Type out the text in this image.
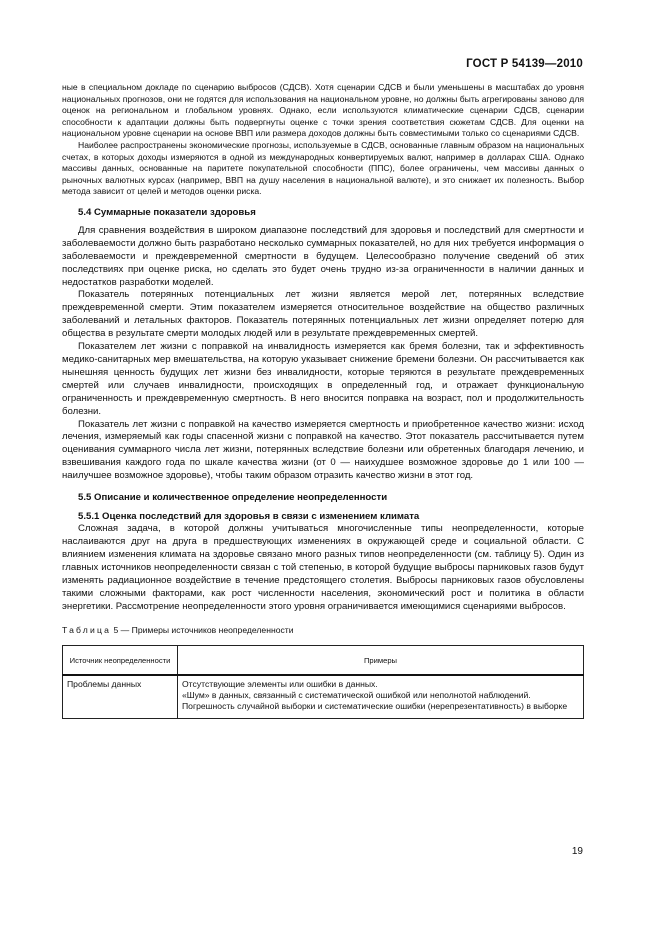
ГОСТ Р 54139—2010

ные в специальном докладе по сценарию выбросов (СДСВ). Хотя сценарии СДСВ и были уменьшены в масштабах до уровня национальных прогнозов, они не годятся для использования на национальном уровне, но должны быть агрегированы заново для оценок на региональном и глобальном уровнях. Однако, если используются климатические сценарии СДСВ, сценарии способности к адаптации должны быть подвергнуты оценке с точки зрения соответствия сюжетам СДСВ. Для оценки на национальном уровне сценарии на основе ВВП или размера доходов должны быть совместимыми только со сценариями СДСВ.

Наиболее распространены экономические прогнозы, используемые в СДСВ, основанные главным образом на национальных счетах, в которых доходы измеряются в одной из международных конвертируемых валют, например в долларах США. Однако массивы данных, основанные на паритете покупательной способности (ППС), более ограничены, чем массивы данных о рыночных валютных курсах (например, ВВП на душу населения в национальной валюте), и это снижает их полезность. Выбор метода зависит от целей и методов оценки риска.

5.4 Суммарные показатели здоровья

Для сравнения воздействия в широком диапазоне последствий для здоровья и последствий для смертности и заболеваемости должно быть разработано несколько суммарных показателей, но для них требуется информация о заболеваемости и преждевременной смертности в будущем. Целесообразно получение сведений об этих последствиях при оценке риска, но сделать это будет очень трудно из-за ограниченности в наличии данных и недостатков разработки моделей.

Показатель потерянных потенциальных лет жизни является мерой лет, потерянных вследствие преждевременной смерти. Этим показателем измеряется относительное воздействие на общество различных заболеваний и летальных факторов. Показатель потерянных потенциальных лет жизни определяет потерю для общества в результате смерти молодых людей или в результате преждевременных смертей.

Показателем лет жизни с поправкой на инвалидность измеряется как бремя болезни, так и эффективность медико-санитарных мер вмешательства, на которую указывает снижение бремени болезни. Он рассчитывается как нынешняя ценность будущих лет жизни без инвалидности, которые теряются в результате преждевременных смертей или случаев инвалидности, происходящих в определенный год, и отражает функциональную ограниченность и преждевременную смертность. В него вносится поправка на возраст, пол и продолжительность болезни.

Показатель лет жизни с поправкой на качество измеряется смертность и приобретенное качество жизни: исход лечения, измеряемый как годы спасенной жизни с поправкой на качество. Этот показатель рассчитывается путем оценивания суммарного числа лет жизни, потерянных вследствие болезни или обретенных благодаря лечению, и взвешивания каждого года по шкале качества жизни (от 0 — наихудшее возможное здоровье до 1 или 100 — наилучшее возможное здоровье), чтобы таким образом отразить качество жизни в этот год.

5.5 Описание и количественное определение неопределенности

5.5.1 Оценка последствий для здоровья в связи с изменением климата

Сложная задача, в которой должны учитываться многочисленные типы неопределенности, которые наслаиваются друг на друга в предшествующих изменениях в окружающей среде и социальной области. С влиянием изменения климата на здоровье связано много разных типов неопределенности (см. таблицу 5). Один из главных источников неопределенности связан с той степенью, в которой будущие выбросы парниковых газов будут изменять радиационное воздействие в течение предстоящего столетия. Выбросы парниковых газов обусловлены такими сложными факторами, как рост численности населения, экономический рост и политика в области энергетики. Рассмотрение неопределенности этого уровня ограничивается имеющимися сценариями выбросов.

Таблица 5 — Примеры источников неопределенности

Источник неопределенности	Примеры
Проблемы данных	Отсутствующие элементы или ошибки в данных.
«Шум» в данных, связанный с систематической ошибкой или неполнотой наблюдений.
Погрешность случайной выборки и систематические ошибки (нерепрезентативность) в выборке
19
